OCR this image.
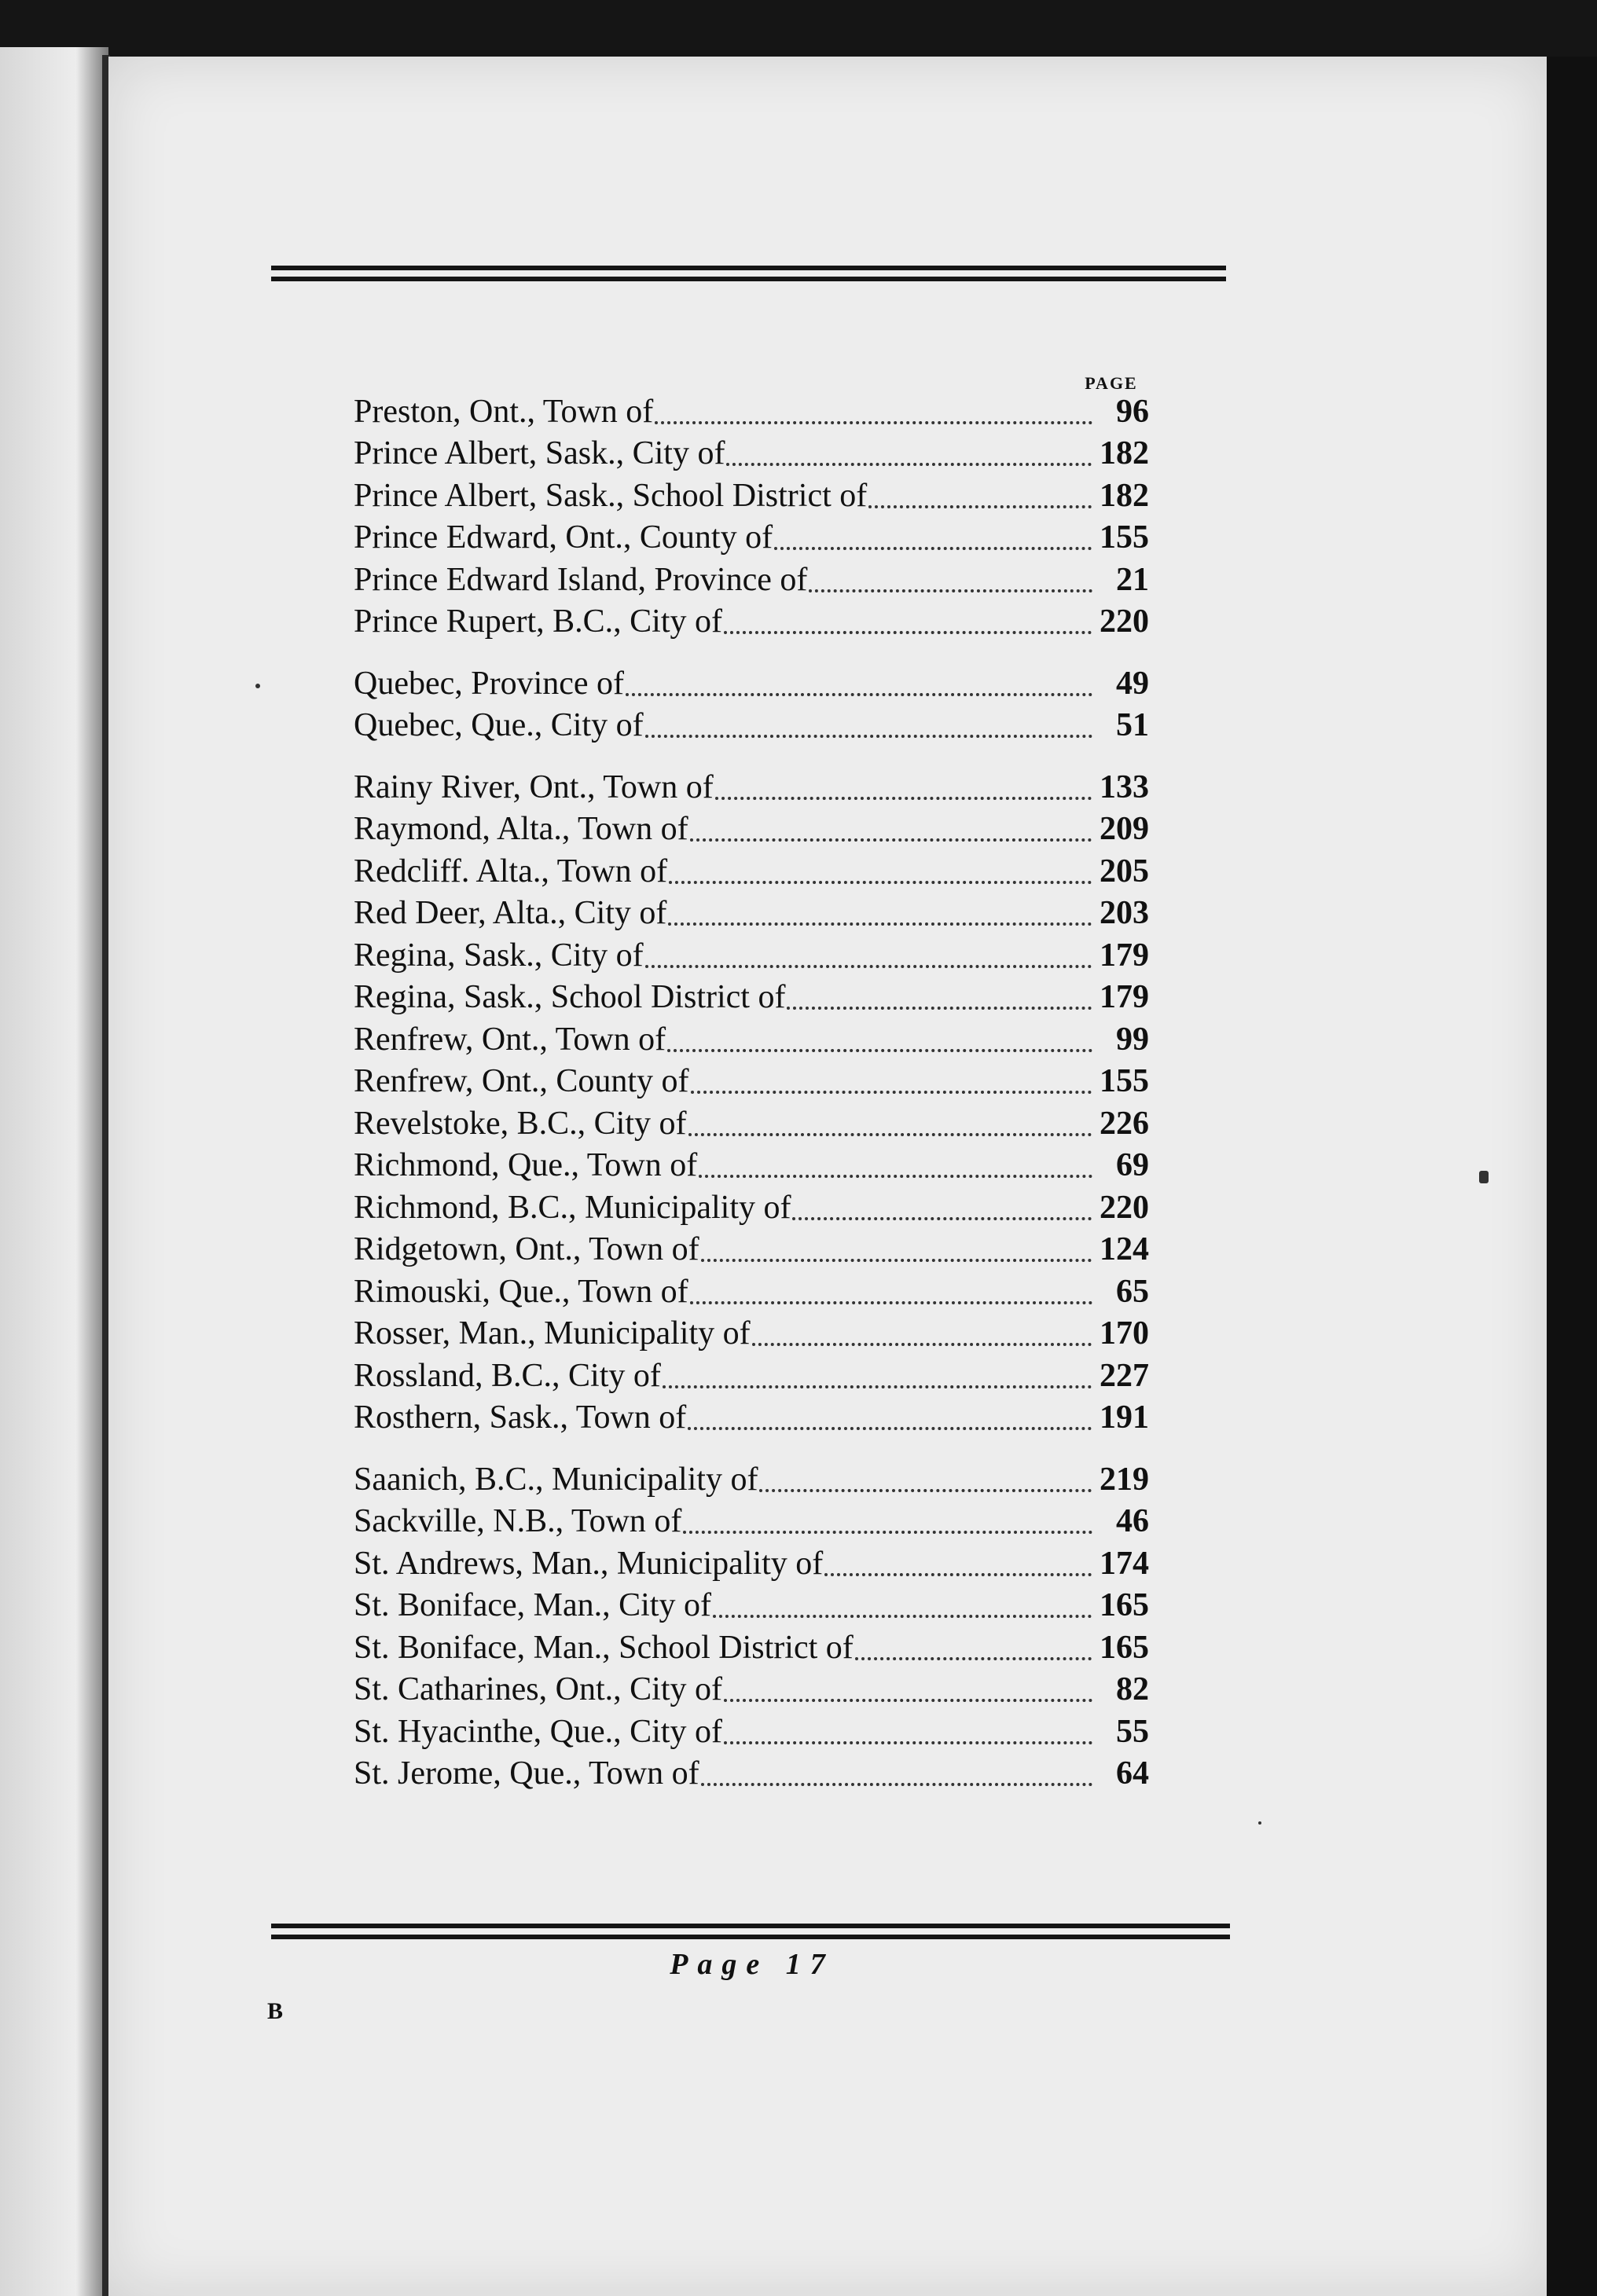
PAGE
Preston, Ont., Town of	96
Prince Albert, Sask., City of	182
Prince Albert, Sask., School District of	182
Prince Edward, Ont., County of	155
Prince Edward Island, Province of	21
Prince Rupert, B.C., City of	220
Quebec, Province of	49
Quebec, Que., City of	51
Rainy River, Ont., Town of	133
Raymond, Alta., Town of	209
Redcliff. Alta., Town of	205
Red Deer, Alta., City of	203
Regina, Sask., City of	179
Regina, Sask., School District of	179
Renfrew, Ont., Town of	99
Renfrew, Ont., County of	155
Revelstoke, B.C., City of	226
Richmond, Que., Town of	69
Richmond, B.C., Municipality of	220
Ridgetown, Ont., Town of	124
Rimouski, Que., Town of	65
Rosser, Man., Municipality of	170
Rossland, B.C., City of	227
Rosthern, Sask., Town of	191
Saanich, B.C., Municipality of	219
Sackville, N.B., Town of	46
St. Andrews, Man., Municipality of	174
St. Boniface, Man., City of	165
St. Boniface, Man., School District of	165
St. Catharines, Ont., City of	82
St. Hyacinthe, Que., City of	55
St. Jerome, Que., Town of	64
Page 17
B
